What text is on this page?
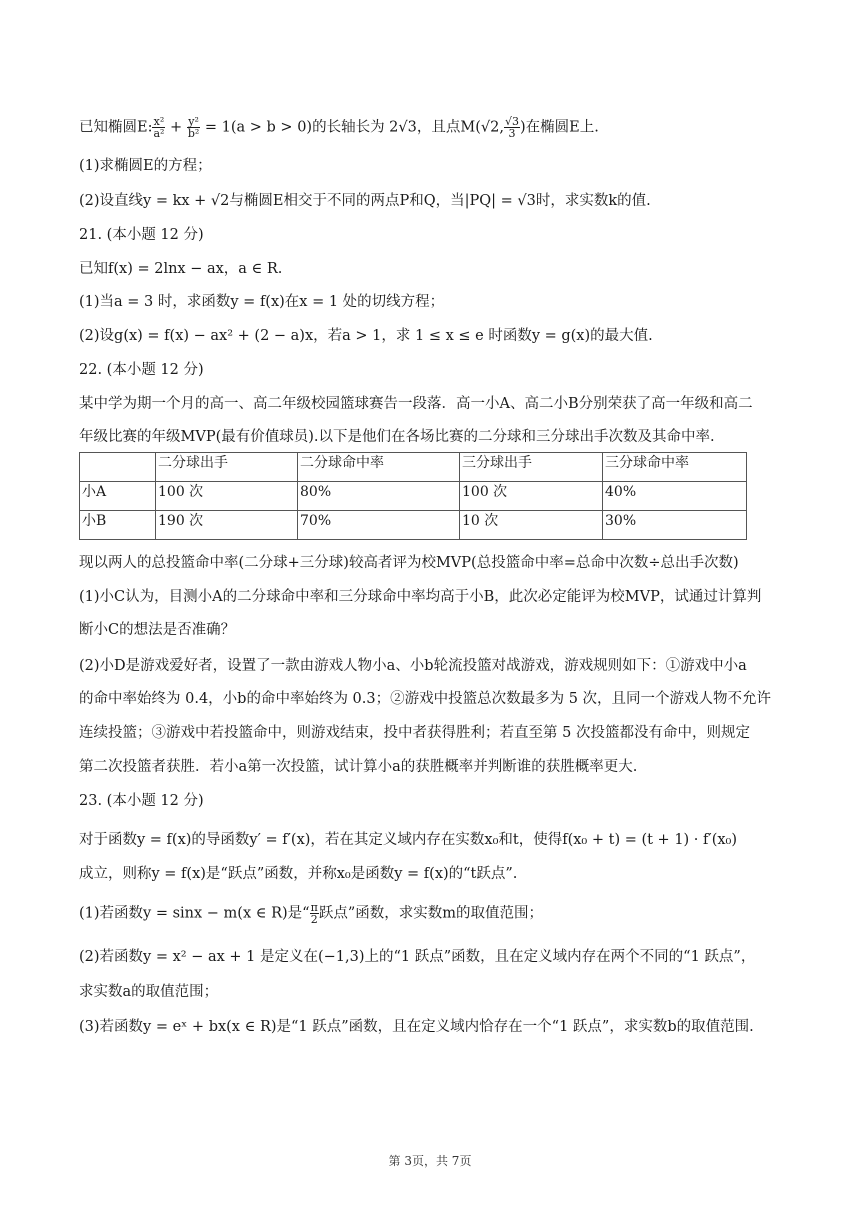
已知椭圆E: $\frac{\text{x²}}{\text{a²}} + \frac{\text{y²}}{\text{b²}} = 1(a > b > 0)$的长轴长为 2√3，且点M(√2, $\frac{√3}{3}$ )在椭圆E上.
(1)求椭圆E的方程；
(2)设直线y = kx + √2与椭圆E相交于不同的两点P和Q，当|PQ| = √3时，求实数k的值.
21. (本小题 12 分)
已知f(x) = 2lnx − ax，a ∈ R.
(1)当a = 3 时，求函数y = f(x)在x = 1 处的切线方程；
(2)设g(x) = f(x) − ax² + (2 − a)x，若a > 1，求 1 ≤ x ≤ e 时函数y = g(x)的最大值.
22. (本小题 12 分)
某中学为期一个月的高一、高二年级校园篮球赛告一段落．高一小A、高二小B分别荣获了高一年级和高二
年级比赛的年级MVP(最有价值球员).以下是他们在各场比赛的二分球和三分球出手次数及其命中率.
	二分球出手	二分球命中率	三分球出手	三分球命中率
小A	100 次	80%	100 次	40%
小B	190 次	70%	10 次	30%
现以两人的总投篮命中率(二分球+三分球)较高者评为校MVP(总投篮命中率=总命中次数÷总出手次数)
(1)小C认为，目测小A的二分球命中率和三分球命中率均高于小B，此次必定能评为校MVP，试通过计算判
断小C的想法是否准确？
(2)小D是游戏爱好者，设置了一款由游戏人物小a、小b轮流投篮对战游戏，游戏规则如下：①游戏中小a
的命中率始终为 0.4，小b的命中率始终为 0.3；②游戏中投篮总次数最多为 5 次，且同一个游戏人物不允许
连续投篮；③游戏中若投篮命中，则游戏结束，投中者获得胜利；若直至第 5 次投篮都没有命中，则规定
第二次投篮者获胜．若小a第一次投篮，试计算小a的获胜概率并判断谁的获胜概率更大.
23. (本小题 12 分)
对于函数y = f(x)的导函数y′ = f′(x)，若在其定义域内存在实数x₀和t，使得f(x₀ + t) = (t + 1) · f′(x₀)
成立，则称y = f(x)是“跃点”函数，并称x₀是函数y = f(x)的“t跃点”.
(1)若函数y = sinx − m(x ∈ R)是“ $\frac{\pi}{2}$ 跃点”函数，求实数m的取值范围；
(2)若函数y = x² − ax + 1 是定义在(−1,3)上的“1 跃点”函数，且在定义域内存在两个不同的“1 跃点”，
求实数a的取值范围；
(3)若函数y = eˣ + bx(x ∈ R)是“1 跃点”函数，且在定义域内恰存在一个“1 跃点”，求实数b的取值范围.
第 3页，共 7页
